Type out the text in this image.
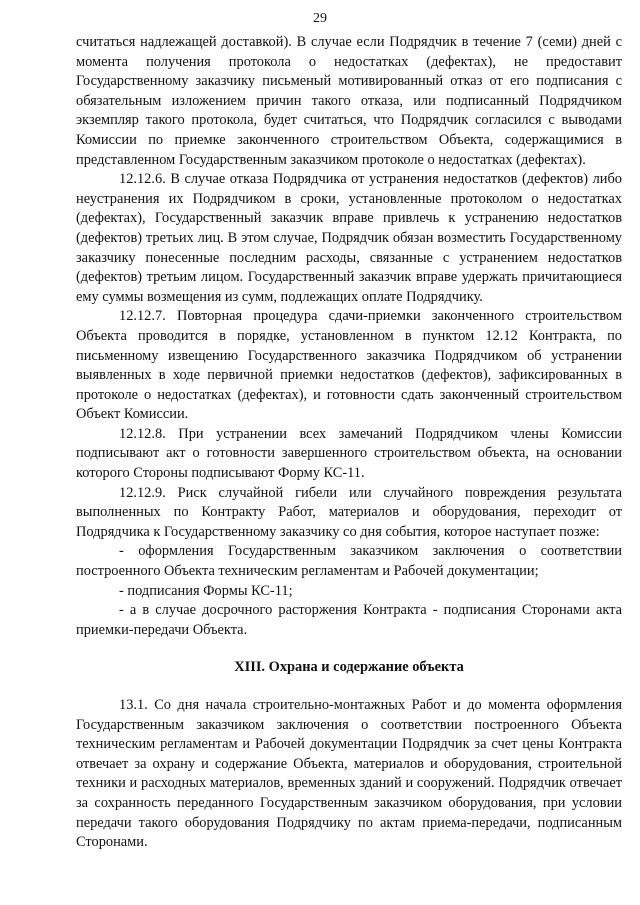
29

считаться надлежащей доставкой). В случае если Подрядчик в течение 7 (семи) дней с момента получения протокола о недостатках (дефектах), не предоставит Государственному заказчику письменый мотивированный отказ от его подписания с обязательным изложением причин такого отказа, или подписанный Подрядчиком экземпляр такого протокола, будет считаться, что Подрядчик согласился с выводами Комиссии по приемке законченного строительством Объекта, содержащимися в представленном Государственным заказчиком протоколе о недостатках (дефектах).

12.12.6. В случае отказа Подрядчика от устранения недостатков (дефектов) либо неустранения их Подрядчиком в сроки, установленные протоколом о недостатках (дефектах), Государственный заказчик вправе привлечь к устранению недостатков (дефектов) третьих лиц. В этом случае, Подрядчик обязан возместить Государственному заказчику понесенные последним расходы, связанные с устранением недостатков (дефектов) третьим лицом. Государственный заказчик вправе удержать причитающиеся ему суммы возмещения из сумм, подлежащих оплате Подрядчику.

12.12.7. Повторная процедура сдачи-приемки законченного строительством Объекта проводится в порядке, установленном в пунктом 12.12 Контракта, по письменному извещению Государственного заказчика Подрядчиком об устранении выявленных в ходе первичной приемки недостатков (дефектов), зафиксированных в протоколе о недостатках (дефектах), и готовности сдать законченный строительством Объект Комиссии.

12.12.8. При устранении всех замечаний Подрядчиком члены Комиссии подписывают акт о готовности завершенного строительством объекта, на основании которого Стороны подписывают Форму КС-11.

12.12.9. Риск случайной гибели или случайного повреждения результата выполненных по Контракту Работ, материалов и оборудования, переходит от Подрядчика к Государственному заказчику со дня события, которое наступает позже:

- оформления Государственным заказчиком заключения о соответствии построенного Объекта техническим регламентам и Рабочей документации;

- подписания Формы КС-11;

- а в случае досрочного расторжения Контракта - подписания Сторонами акта приемки-передачи Объекта.

XIII. Охрана и содержание объекта

13.1. Со дня начала строительно-монтажных Работ и до момента оформления Государственным заказчиком заключения о соответствии построенного Объекта техническим регламентам и Рабочей документации Подрядчик за счет цены Контракта отвечает за охрану и содержание Объекта, материалов и оборудования, строительной техники и расходных материалов, временных зданий и сооружений. Подрядчик отвечает за сохранность переданного Государственным заказчиком оборудования, при условии передачи такого оборудования Подрядчику по актам приема-передачи, подписанным Сторонами.
